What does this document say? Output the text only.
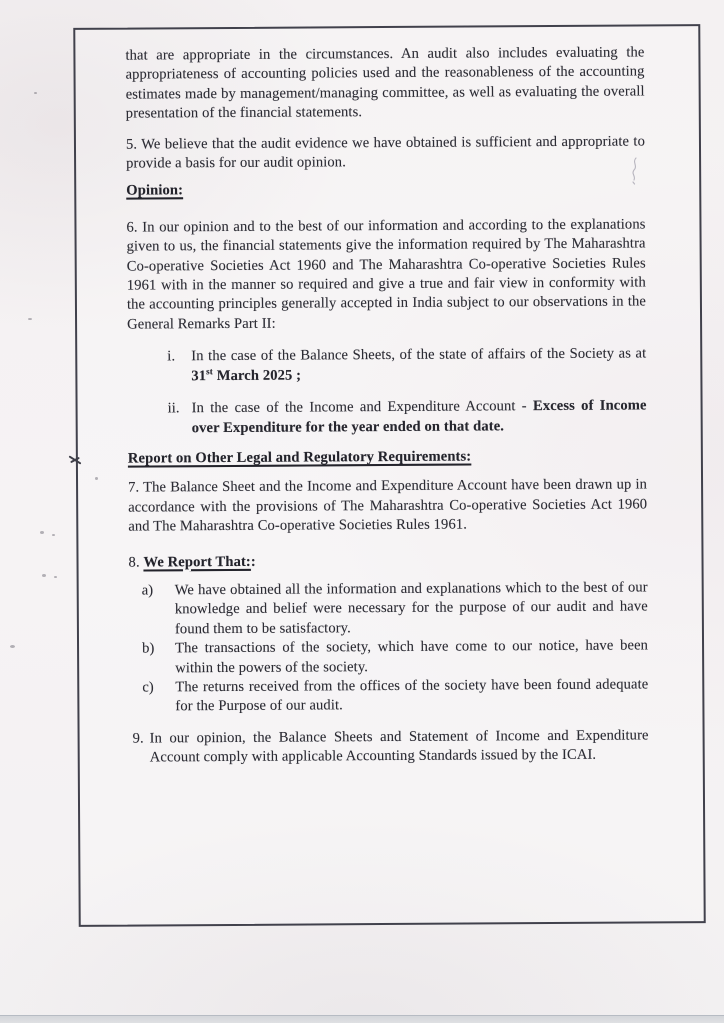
that are appropriate in the circumstances. An audit also includes evaluating the appropriateness of accounting policies used and the reasonableness of the accounting estimates made by management/managing committee, as well as evaluating the overall presentation of the financial statements.

5. We believe that the audit evidence we have obtained is sufficient and appropriate to provide a basis for our audit opinion.

Opinion:

6. In our opinion and to the best of our information and according to the explanations given to us, the financial statements give the information required by The Maharashtra Co-operative Societies Act 1960 and The Maharashtra Co-operative Societies Rules 1961 with in the manner so required and give a true and fair view in conformity with the accounting principles generally accepted in India subject to our observations in the General Remarks Part II:

i.	In the case of the Balance Sheets, of the state of affairs of the Society as at 31st March 2025 ;
ii. In the case of the Income and Expenditure Account - Excess of Income over Expenditure for the year ended on that date.

Report on Other Legal and Regulatory Requirements:

7. The Balance Sheet and the Income and Expenditure Account have been drawn up in accordance with the provisions of The Maharashtra Co-operative Societies Act 1960 and The Maharashtra Co-operative Societies Rules 1961.

8. We Report That::

a)	We have obtained all the information and explanations which to the best of our knowledge and belief were necessary for the purpose of our audit and have found them to be satisfactory.
b)	The transactions of the society, which have come to our notice, have been within the powers of the society.
c)	The returns received from the offices of the society have been found adequate for the Purpose of our audit.
9. In our opinion, the Balance Sheets and Statement of Income and Expenditure Account comply with applicable Accounting Standards issued by the ICAI.
